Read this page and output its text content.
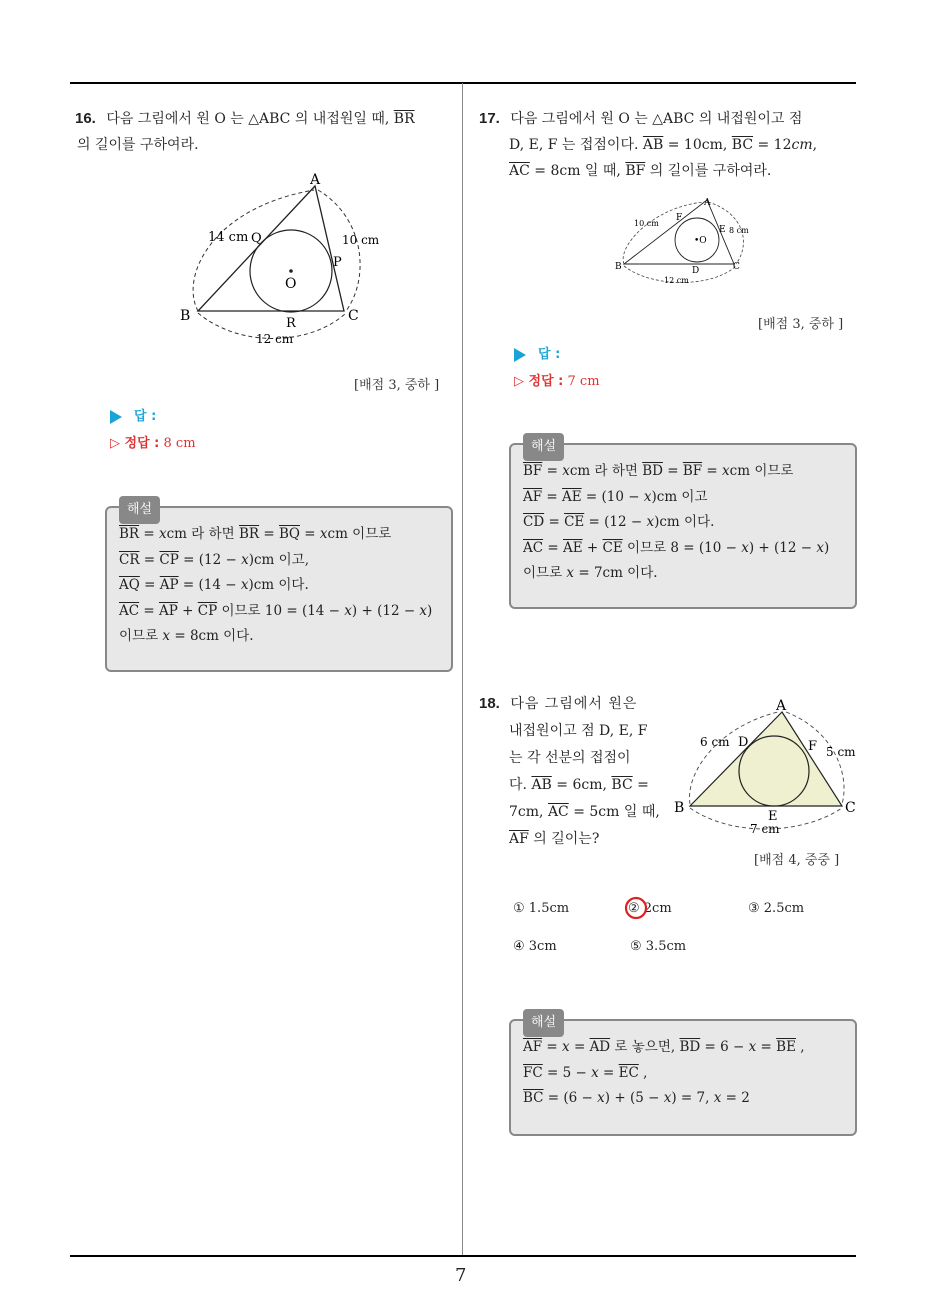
7
16. 다음 그림에서 원 O 는 △ABC 의 내접원일 때, $\overline{BR}$
의 길이를 구하여라.
A
B	C
O
P
Q
R
14 cm	10 cm
12 cm
[배점 3, 중하 ]
답 :
▷ 정답 : 8 cm
해설
$\overline{BR}$ = xcm 라 하면 $\overline{BR} = \overline{BQ}$ = xcm 이므로
$\overline{CR} = \overline{CP} = (12 - x)cm$ 이고,
$\overline{AQ} = \overline{AP} = (14 - x)cm$ 이다.
$\overline{AC} = \overline{AP} + \overline{CP}$ 이므로 10 = (14 − x) + (12 − x)
이므로 x = 8cm 이다.
17. 다음 그림에서 원 O 는 △ABC 의 내접원이고 점
D, E, F 는 접점이다. $\overline{AB} = 10cm$, $\overline{BC} = 12cm$,
$\overline{AC} = 8cm$ 일 때, $\overline{BF}$ 의 길이를 구하여라.
A
B	C
•O
D
E
F
10 cm
8 cm
12 cm
[배점 3, 중하 ]
답 :
▷ 정답 : 7 cm
해설
$\overline{BF}$ = xcm 라 하면 $\overline{BD} = \overline{BF}$ = xcm 이므로
$\overline{AF} = \overline{AE} = (10 - x)cm$ 이고
$\overline{CD} = \overline{CE} = (12 - x)cm$ 이다.
$\overline{AC} = \overline{AE} + \overline{CE}$ 이므로 8 = (10 − x) + (12 − x)
이므로 x = 7cm 이다.
18. 다음 그림에서 원은
내접원이고 점 D, E, F
는 각 선분의 접점이
다. $\overline{AB} = 6cm$, $\overline{BC}$ =
7cm, $\overline{AC} = 5cm$ 일 때,
$\overline{AF}$ 의 길이는?
A
B	C
D
E
F
6 cm
5 cm
7 cm
[배점 4, 중중 ]
① 1.5cm	② 2cm	③ 2.5cm
④ 3cm	⑤ 3.5cm
해설
$\overline{AF} = x = \overline{AD}$ 로 놓으면, $\overline{BD} = 6 - x = \overline{BE}$ ,
$\overline{FC} = 5 - x = \overline{EC}$ ,
$\overline{BC} = (6 - x) + (5 - x) = 7$, x = 2
